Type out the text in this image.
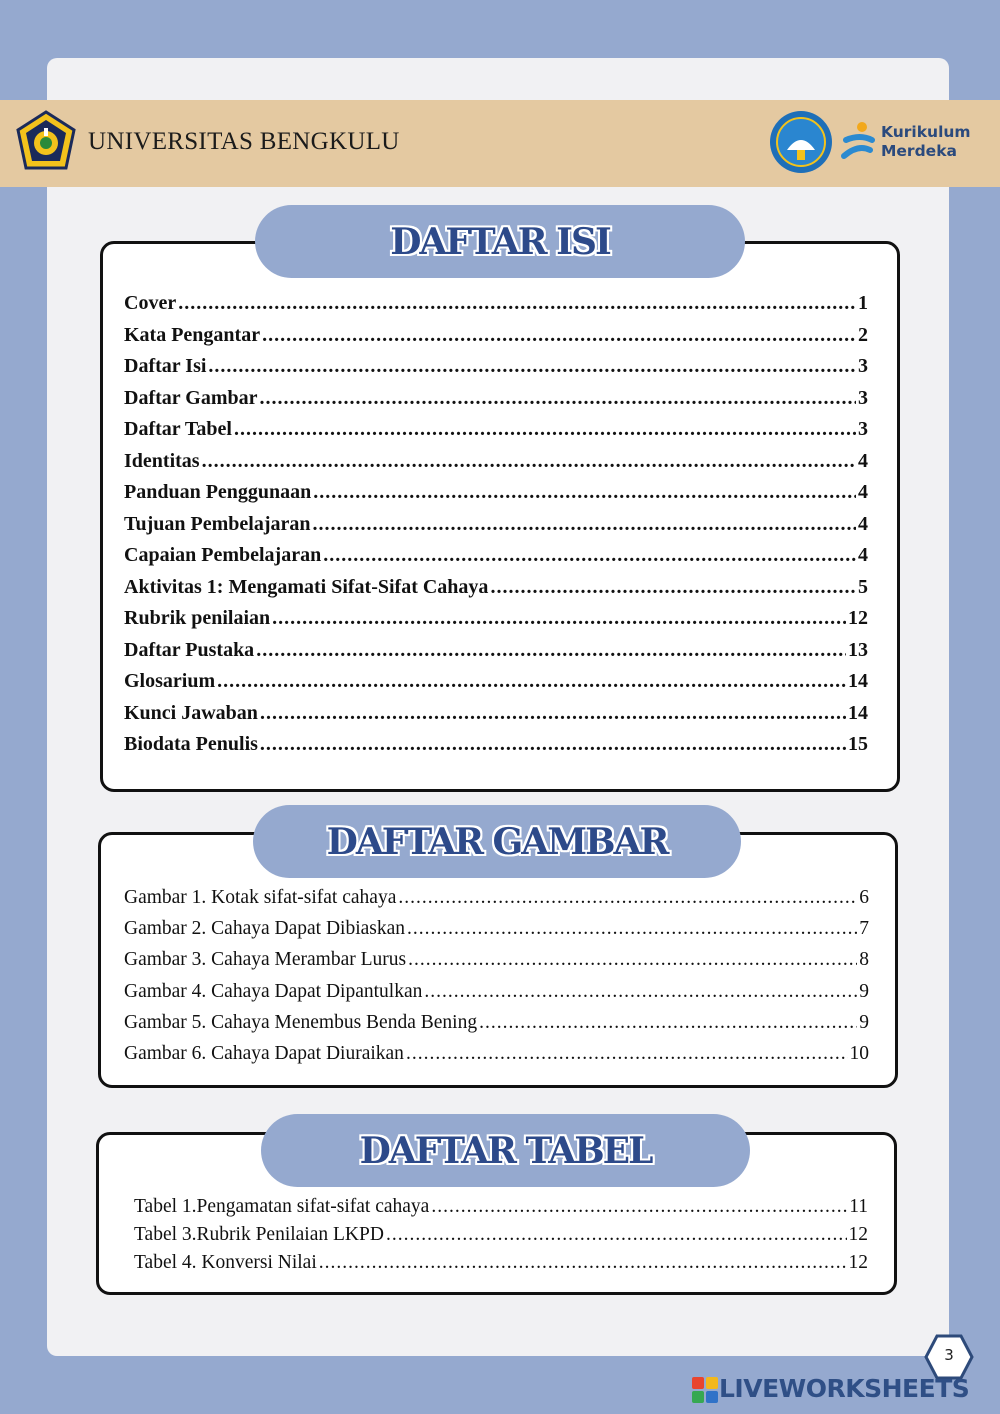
UNIVERSITAS BENGKULU	Kurikulum
Merdeka
DAFTAR ISI
Cover .....	1
Kata Pengantar .....	2
Daftar Isi .....	3
Daftar Gambar .....	3
Daftar Tabel .....	3
Identitas .....	4
Panduan Penggunaan .....	4
Tujuan Pembelajaran .....	4
Capaian Pembelajaran .....	4
Aktivitas 1: Mengamati Sifat-Sifat Cahaya .....	5
Rubrik penilaian .....	12
Daftar Pustaka .....	13
Glosarium .....	14
Kunci Jawaban .....	14
Biodata Penulis .....	15
DAFTAR GAMBAR
Gambar 1. Kotak sifat-sifat cahaya .....	6
Gambar 2. Cahaya Dapat Dibiaskan .....	7
Gambar 3. Cahaya Merambar Lurus .....	8
Gambar 4. Cahaya Dapat Dipantulkan .....	9
Gambar 5. Cahaya Menembus Benda Bening .....	9
Gambar 6. Cahaya Dapat Diuraikan .....	10
DAFTAR TABEL
Tabel 1.Pengamatan sifat-sifat cahaya .....	11
Tabel 3.Rubrik Penilaian LKPD .....	12
Tabel 4. Konversi Nilai .....	12
3
LIVEWORKSHEETS
